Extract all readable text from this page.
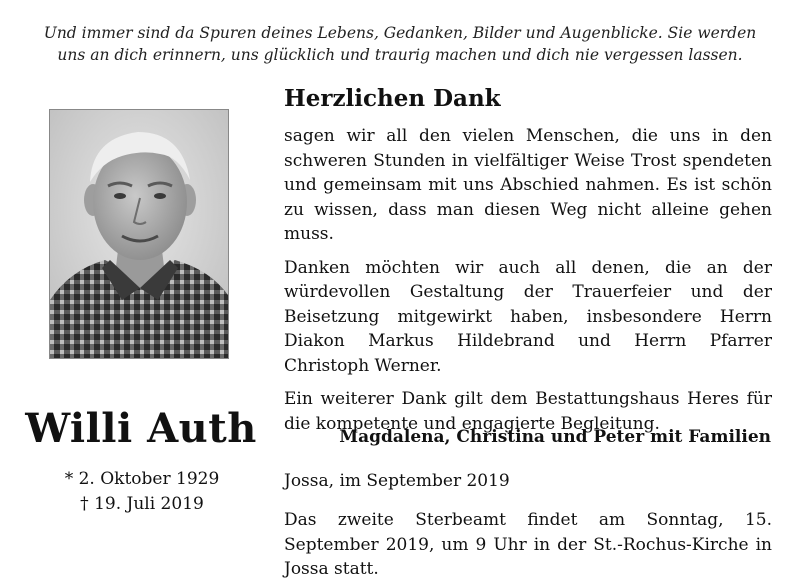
Und immer sind da Spuren deines Lebens, Gedanken, Bilder und Augenblicke. Sie werden
uns an dich erinnern, uns glücklich und traurig machen und dich nie vergessen lassen.
Willi Auth
* 2. Oktober 1929
† 19. Juli 2019
Herzlichen Dank

sagen wir all den vielen Menschen, die uns in den schweren Stunden in vielfältiger Weise Trost spendeten und gemeinsam mit uns Abschied nahmen. Es ist schön zu wissen, dass man diesen Weg nicht alleine gehen muss.

Danken möchten wir auch all denen, die an der würdevollen Gestaltung der Trauerfeier und der Beisetzung mitgewirkt haben, insbesondere Herrn Diakon Markus Hildebrand und Herrn Pfarrer Christoph Werner.

Ein weiterer Dank gilt dem Bestattungshaus Heres für die kompetente und engagierte Begleitung.

Magdalena, Christina und Peter mit Familien
Jossa, im September 2019
Das zweite Sterbeamt findet am Sonntag, 15. September 2019, um 9 Uhr in der St.-Rochus-Kirche in Jossa statt.
